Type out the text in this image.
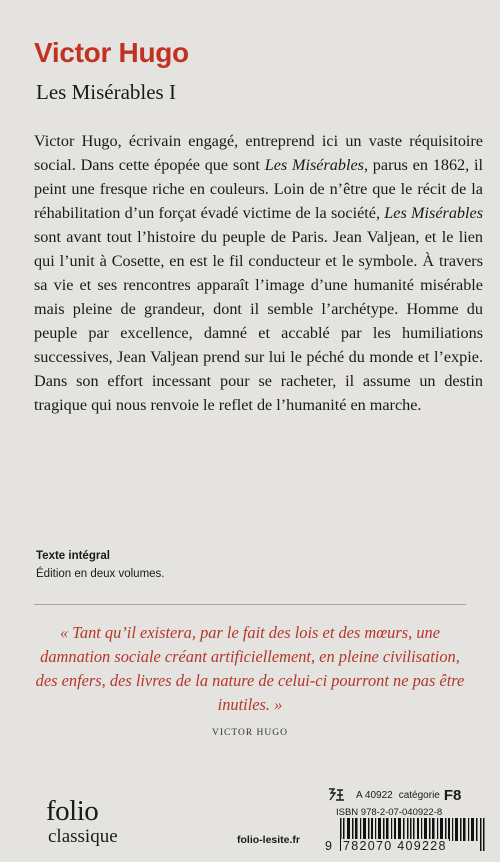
Victor Hugo
Les Misérables I

Victor Hugo, écrivain engagé, entreprend ici un vaste réquisitoire social. Dans cette épopée que sont Les Misérables, parus en 1862, il peint une fresque riche en couleurs. Loin de n’être que le récit de la réhabilitation d’un forçat évadé victime de la société, Les Misérables sont avant tout l’histoire du peuple de Paris. Jean Valjean, et le lien qui l’unit à Cosette, en est le fil conducteur et le symbole. À travers sa vie et ses rencontres apparaît l’image d’une humanité misérable mais pleine de grandeur, dont il semble l’archétype. Homme du peuple par excellence, damné et accablé par les humiliations successives, Jean Valjean prend sur lui le péché du monde et l’expie. Dans son effort incessant pour se racheter, il assume un destin tragique qui nous renvoie le reflet de l’humanité en marche.

Texte intégral
Édition en deux volumes.

« Tant qu’il existera, par le fait des lois et des mœurs, une damnation sociale créant artificiellement, en pleine civilisation, des enfers, des livres de la nature de celui-ci pourront ne pas être inutiles. »

VICTOR HUGO
folio
classique	folio-lesite.fr
A 40922 catégorie F8
ISBN 978-2-07-040922-8
9 782070 409228
